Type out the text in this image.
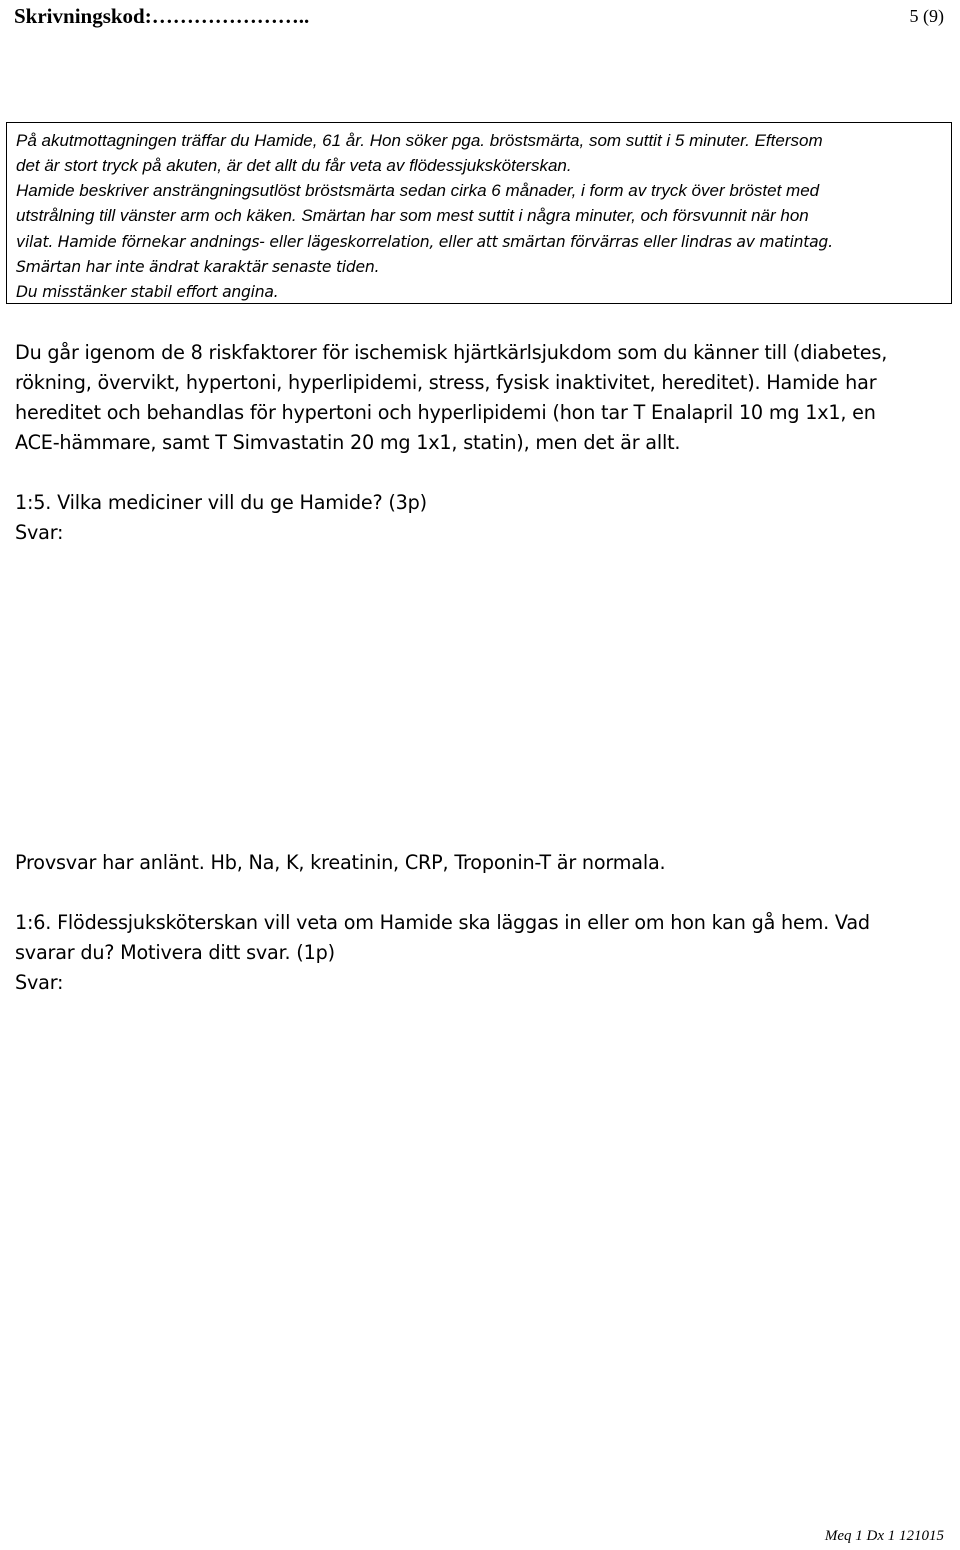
Skrivningskod:…………………..	5 (9)
På akutmottagningen träffar du Hamide, 61 år. Hon söker pga. bröstsmärta, som suttit i 5 minuter. Eftersom
det är stort tryck på akuten, är det allt du får veta av flödessjuksköterskan.
Hamide beskriver ansträngningsutlöst bröstsmärta sedan cirka 6 månader, i form av tryck över bröstet med
utstrålning till vänster arm och käken. Smärtan har som mest suttit i några minuter, och försvunnit när hon
vilat. Hamide förnekar andnings- eller lägeskorrelation, eller att smärtan förvärras eller lindras av matintag.
Smärtan har inte ändrat karaktär senaste tiden.
Du misstänker stabil effort angina.
Du går igenom de 8 riskfaktorer för ischemisk hjärtkärlsjukdom som du känner till (diabetes,
rökning, övervikt, hypertoni, hyperlipidemi, stress, fysisk inaktivitet, hereditet). Hamide har
hereditet och behandlas för hypertoni och hyperlipidemi (hon tar T Enalapril 10 mg 1x1, en
ACE-hämmare, samt T Simvastatin 20 mg 1x1, statin), men det är allt.
1:5. Vilka mediciner vill du ge Hamide? (3p)
Svar:
Provsvar har anlänt. Hb, Na, K, kreatinin, CRP, Troponin-T är normala.
1:6. Flödessjuksköterskan vill veta om Hamide ska läggas in eller om hon kan gå hem. Vad
svarar du? Motivera ditt svar. (1p)
Svar:
Meq 1 Dx 1 121015
